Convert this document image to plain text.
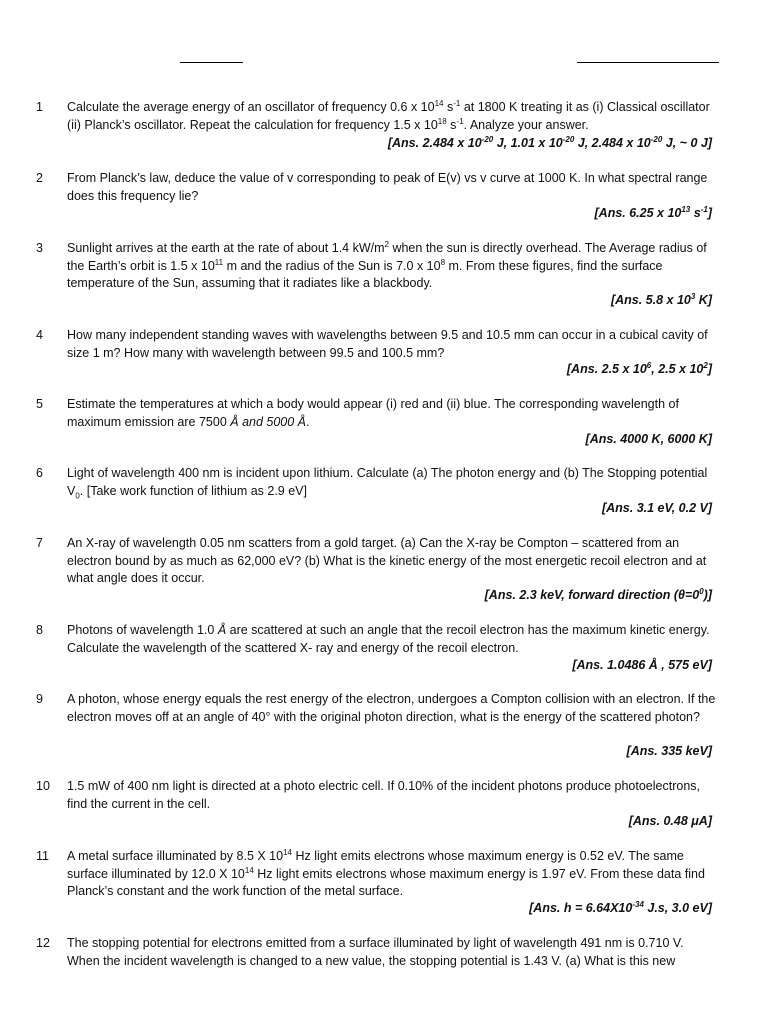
1 Calculate the average energy of an oscillator of frequency 0.6 x $10^{14}$ $s^{-1}$ at 1800 K treating it as (i) Classical oscillator (ii) Planck’s oscillator. Repeat the calculation for frequency 1.5 x $10^{18}$ $s^{-1}$. Analyze your answer.

[Ans. 2.484 x $10^{-20}$ J, 1.01 x $10^{-20}$ J, 2.484 x $10^{-20}$ J, ~ 0 J]
2 From Planck’s law, deduce the value of v corresponding to peak of E(v) vs v curve at 1000 K. In what spectral range does this frequency lie?

[Ans. 6.25 x $10^{13}$ $s^{-1}$]
3 Sunlight arrives at the earth at the rate of about 1.4 $kW/m^2$ when the sun is directly overhead. The Average radius of the Earth’s orbit is 1.5 x $10^{11}$ m and the radius of the Sun is 7.0 x $10^8$ m. From these figures, find the surface temperature of the Sun, assuming that it radiates like a blackbody.

[Ans. 5.8 x $10^3$ K]
4 How many independent standing waves with wavelengths between 9.5 and 10.5 mm can occur in a cubical cavity of size 1 m? How many with wavelength between 99.5 and 100.5 mm?

[Ans. 2.5 x $10^6$, 2.5 x $10^2$]
5 Estimate the temperatures at which a body would appear (i) red and (ii) blue. The corresponding wavelength of maximum emission are 7500 Å and 5000 Å.

[Ans. 4000 K, 6000 K]
6 Light of wavelength 400 nm is incident upon lithium. Calculate (a) The photon energy and (b) The Stopping potential $V_0$. [Take work function of lithium as 2.9 eV]

[Ans. 3.1 eV, 0.2 V]
7 An X-ray of wavelength 0.05 nm scatters from a gold target. (a) Can the X-ray be Compton – scattered from an electron bound by as much as 62,000 eV? (b) What is the kinetic energy of the most energetic recoil electron and at what angle does it occur.

[Ans. 2.3 keV, forward direction $(\theta=0^0)$]
8 Photons of wavelength 1.0 Å are scattered at such an angle that the recoil electron has the maximum kinetic energy. Calculate the wavelength of the scattered X- ray and energy of the recoil electron.

[Ans. 1.0486 Å , 575 eV]
9 A photon, whose energy equals the rest energy of the electron, undergoes a Compton collision with an electron. If the electron moves off at an angle of 40° with the original photon direction, what is the energy of the scattered photon?

[Ans. 335 keV]
10 1.5 mW of 400 nm light is directed at a photo electric cell. If 0.10% of the incident photons produce photoelectrons, find the current in the cell.

[Ans. 0.48 μA]
11 A metal surface illuminated by 8.5 X $10^{14}$ Hz light emits electrons whose maximum energy is 0.52 eV. The same surface illuminated by 12.0 X $10^{14}$ Hz light emits electrons whose maximum energy is 1.97 eV. From these data find Planck’s constant and the work function of the metal surface.

[Ans. $h = 6.64X10^{-34}$ J.s, 3.0 eV]
12 The stopping potential for electrons emitted from a surface illuminated by light of wavelength 491 nm is 0.710 V. When the incident wavelength is changed to a new value, the stopping potential is 1.43 V. (a) What is this new
